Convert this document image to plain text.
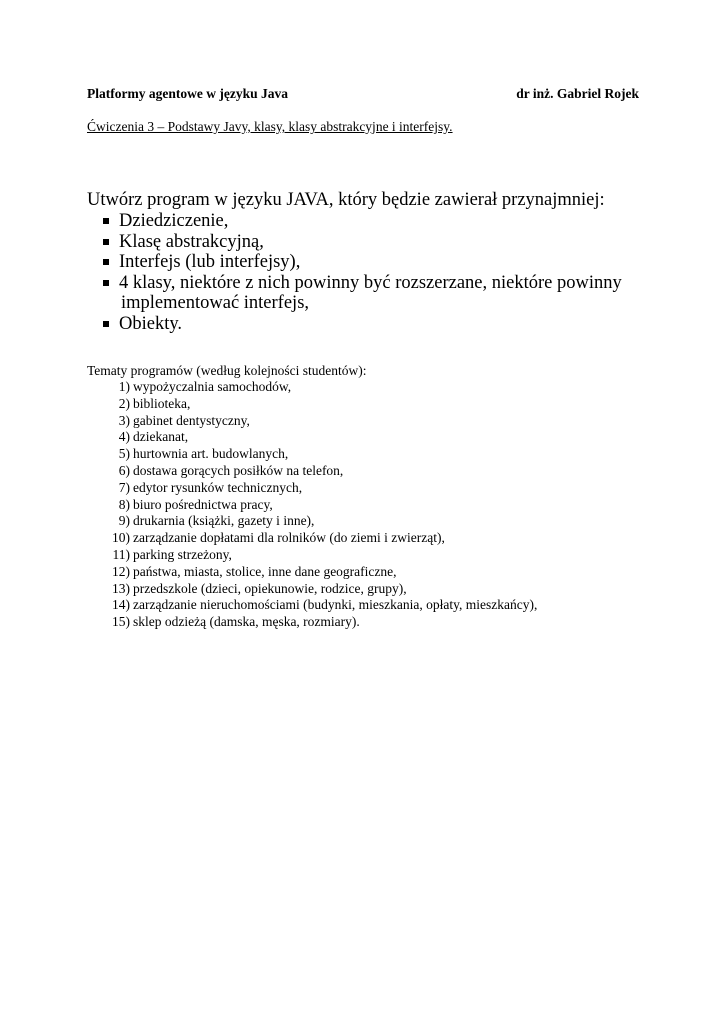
Platformy agentowe w języku Java	dr inż. Gabriel Rojek
Ćwiczenia 3 – Podstawy Javy, klasy, klasy abstrakcyjne i interfejsy.
Utwórz program w języku JAVA, który będzie zawierał przynajmniej:
Dziedziczenie,
Klasę abstrakcyjną,
Interfejs (lub interfejsy),
4 klasy, niektóre z nich powinny być rozszerzane, niektóre powinny
implementować interfejs,
Obiekty.
Tematy programów (według kolejności studentów):
1) wypożyczalnia samochodów,
2) biblioteka,
3) gabinet dentystyczny,
4) dziekanat,
5) hurtownia art. budowlanych,
6) dostawa gorących posiłków na telefon,
7) edytor rysunków technicznych,
8) biuro pośrednictwa pracy,
9) drukarnia (książki, gazety i inne),
10) zarządzanie dopłatami dla rolników (do ziemi i zwierząt),
11) parking strzeżony,
12) państwa, miasta, stolice, inne dane geograficzne,
13) przedszkole (dzieci, opiekunowie, rodzice, grupy),
14) zarządzanie nieruchomościami (budynki, mieszkania, opłaty, mieszkańcy),
15) sklep odzieżą (damska, męska, rozmiary).
